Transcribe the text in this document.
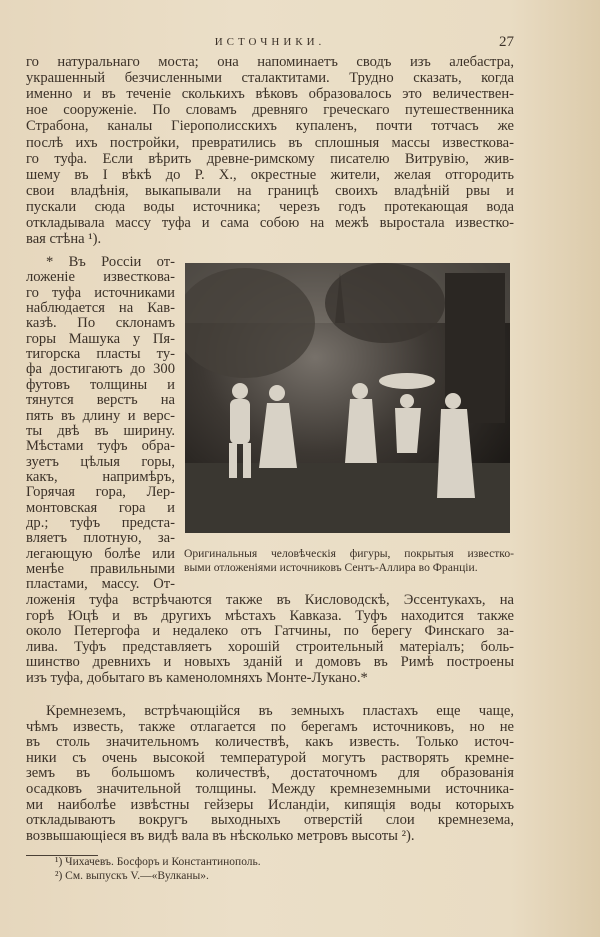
ИСТОЧНИКИ.	27
го натуральнаго моста; она напоминаетъ сводъ изъ алебастра,
украшенный безчисленными сталактитами. Трудно сказать, когда
именно и въ теченіе сколькихъ вѣковъ образовалось это величествен-
ное сооруженіе. По словамъ древняго греческаго путешественника
Страбона, каналы Гіерополисскихъ купаленъ, почти тотчасъ же
послѣ ихъ постройки, превратились въ сплошныя массы известкова-
го туфа. Если вѣрить древне-римскому писателю Витрувію, жив-
шему въ I вѣкѣ до Р. Х., окрестные жители, желая отгородить
свои владѣнія, выкапывали на границѣ своихъ владѣній рвы и
пускали сюда воды источника; черезъ годъ протекающая вода
откладывала массу туфа и сама собою на межѣ выростала известко-
вая стѣна ¹).
* Въ Россіи от-
ложеніе известкова-
го туфа источниками
наблюдается на Кав-
казѣ. По склонамъ
горы Машука у Пя-
тигорска пласты ту-
фа достигаютъ до 300
футовъ толщины и
тянутся верстъ на
пять въ длину и верс-
ты двѣ въ ширину.
Мѣстами туфъ обра-
зуетъ цѣлыя горы,
какъ, напримѣръ,
Горячая гора, Лер-
монтовская гора и
др.; туфъ предста-
вляетъ плотную, за-
легающую болѣе или
менѣе правильными
пластами, массу. От-
Оригинальныя человѣческія фигуры, покрытыя известко-
выми отложеніями источниковъ Сентъ-Аллира во Франціи.
ложенія туфа встрѣчаются также въ Кисловодскѣ, Эссентукахъ, на
горѣ Юцѣ и въ другихъ мѣстахъ Кавказа. Туфъ находится также
около Петергофа и недалеко отъ Гатчины, по берегу Финскаго за-
лива. Туфъ представляетъ хорошій строительный матеріалъ; боль-
шинство древнихъ и новыхъ зданій и домовъ въ Римѣ построены
изъ туфа, добытаго въ каменоломняхъ Монте-Лукано.*
Кремнеземъ, встрѣчающійся въ земныхъ пластахъ еще чаще,
чѣмъ известь, также отлагается по берегамъ источниковъ, но не
въ столь значительномъ количествѣ, какъ известь. Только источ-
ники съ очень высокой температурой могутъ растворять кремне-
земъ въ большомъ количествѣ, достаточномъ для образованія
осадковъ значительной толщины. Между кремнеземными источника-
ми наиболѣе извѣстны гейзеры Исландіи, кипящія воды которыхъ
откладываютъ вокругъ выходныхъ отверстій слои кремнезема,
возвышающіеся въ видѣ вала въ нѣсколько метровъ высоты ²).
¹) Чихачевъ. Босфоръ и Константинополь.
²) См. выпускъ V.—«Вулканы».
